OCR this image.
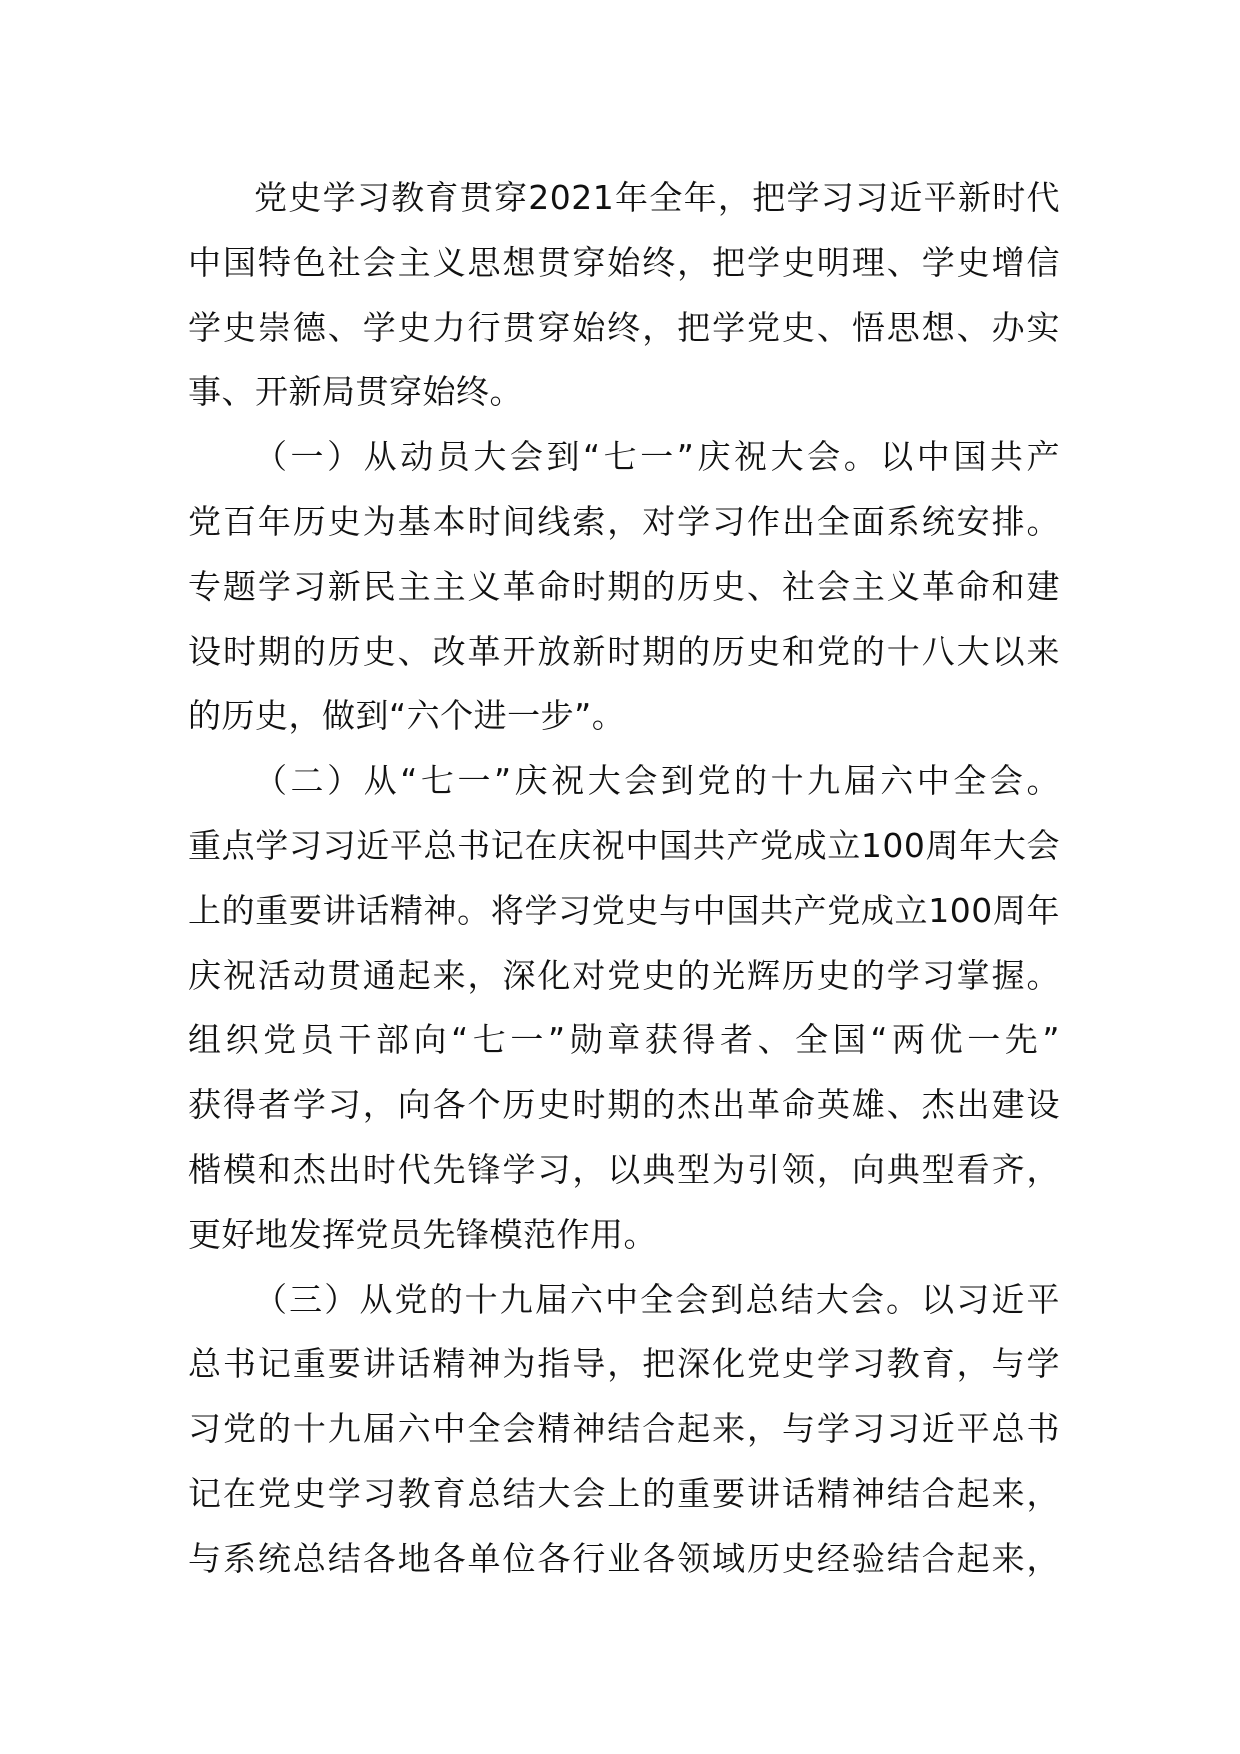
党史学习教育贯穿2021年全年，把学习习近平新时代
中国特色社会主义思想贯穿始终，把学史明理、学史增信
学史崇德、学史力行贯穿始终，把学党史、悟思想、办实
事、开新局贯穿始终。
（一）从动员大会到“七一”庆祝大会。以中国共产
党百年历史为基本时间线索，对学习作出全面系统安排。
专题学习新民主主义革命时期的历史、社会主义革命和建
设时期的历史、改革开放新时期的历史和党的十八大以来
的历史，做到“六个进一步”。
（二）从“七一”庆祝大会到党的十九届六中全会。
重点学习习近平总书记在庆祝中国共产党成立100周年大会
上的重要讲话精神。将学习党史与中国共产党成立100周年
庆祝活动贯通起来，深化对党史的光辉历史的学习掌握。
组织党员干部向“七一”勋章获得者、全国“两优一先”
获得者学习，向各个历史时期的杰出革命英雄、杰出建设
楷模和杰出时代先锋学习，以典型为引领，向典型看齐，
更好地发挥党员先锋模范作用。
（三）从党的十九届六中全会到总结大会。以习近平
总书记重要讲话精神为指导，把深化党史学习教育，与学
习党的十九届六中全会精神结合起来，与学习习近平总书
记在党史学习教育总结大会上的重要讲话精神结合起来，
与系统总结各地各单位各行业各领域历史经验结合起来，
